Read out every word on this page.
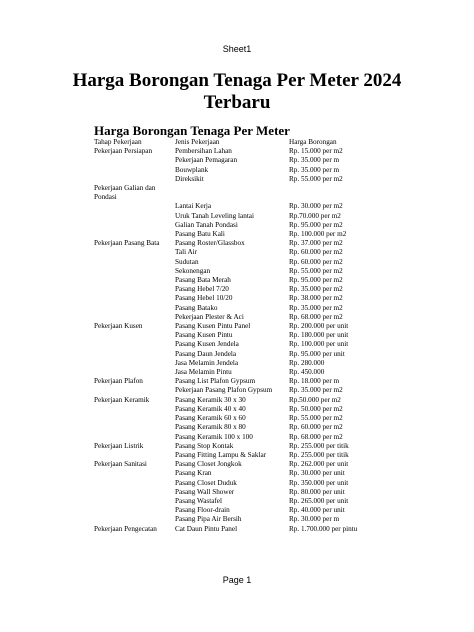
Sheet1
Harga Borongan Tenaga Per Meter 2024 Terbaru
Harga Borongan Tenaga Per Meter
Tahap Pekerjaan	Jenis Pekerjaan	Harga Borongan
Pekerjaan Persiapan	Pembersihan Lahan	Rp. 15.000 per m2
	Pekerjaan Pemagaran	Rp. 35.000 per m
	Bouwplank	Rp. 35.000 per m
	Direksikit	Rp. 55.000 per m2
Pekerjaan Galian dan Pondasi		
	Lantai Kerja	Rp. 30.000 per m2
	Uruk Tanah Leveling lantai	Rp.70.000 per m2
	Galian Tanah Pondasi	Rp. 95.000 per m2
	Pasang Batu Kali	Rp. 100.000 per m2
Pekerjaan Pasang Bata	Pasang Roster/Glassbox	Rp. 37.000 per m2
	Tali Air	Rp. 60.000 per m2
	Sudutan	Rp. 60.000 per m2
	Sekonengan	Rp. 55.000 per m2
	Pasang Bata Merah	Rp. 95.000 per m2
	Pasang Hebel 7/20	Rp. 35.000 per m2
	Pasang Hebel 10/20	Rp. 38.000 per m2
	Pasang Batako	Rp. 35.000 per m2
	Pekerjaan Plester & Aci	Rp. 68.000 per m2
Pekerjaan Kusen	Pasang Kusen Pintu Panel	Rp. 200.000 per unit
	Pasang Kusen Pintu	Rp. 180.000 per unit
	Pasang Kusen Jendela	Rp. 100.000 per unit
	Pasang Daun Jendela	Rp. 95.000 per unit
	Jasa Melamin Jendela	Rp. 280.000
	Jasa Melamin Pintu	Rp. 450.000
Pekerjaan Plafon	Pasang List Plafon Gypsum	Rp. 18.000 per m
	Pekerjaan Pasang Plafon Gypsum	Rp. 35.000 per m2
Pekerjaan Keramik	Pasang Keramik 30 x 30	Rp.50.000 per m2
	Pasang Keramik 40 x 40	Rp. 50.000 per m2
	Pasang Keramik 60 x 60	Rp. 55.000 per m2
	Pasang Keramik 80 x 80	Rp. 60.000 per m2
	Pasang Keramik 100 x 100	Rp. 68.000 per m2
Pekerjaan Listrik	Pasang Stop Kontak	Rp. 255.000 per titik
	Pasang Fitting Lampu & Saklar	Rp. 255.000 per titik
Pekerjaan Sanitasi	Pasang Closet Jongkok	Rp. 262.000 per unit
	Pasang Kran	Rp. 30.000 per unit
	Pasang Closet Duduk	Rp. 350.000 per unit
	Pasang Wall Shower	Rp. 80.000 per unit
	Pasang Wastafel	Rp. 265.000 per unit
	Pasang Floor-drain	Rp. 40.000 per unit
	Pasang Pipa Air Bersih	Rp. 30.000 per m
Pekerjaan Pengecatan	Cat Daun Pintu Panel	Rp. 1.700.000 per pintu
Page 1
